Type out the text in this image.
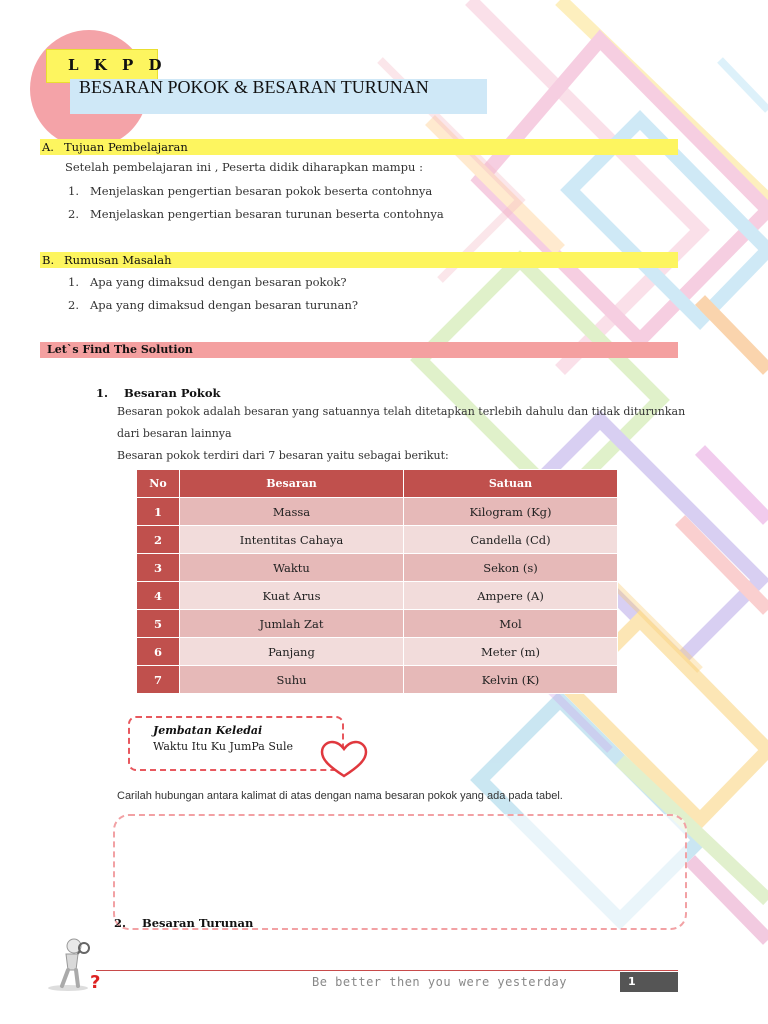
L K P D
BESARAN POKOK & BESARAN TURUNAN
A. Tujuan Pembelajaran
Setelah pembelajaran ini , Peserta didik diharapkan mampu :
1. Menjelaskan pengertian besaran pokok beserta contohnya
2. Menjelaskan pengertian besaran turunan beserta contohnya
B. Rumusan Masalah
1. Apa yang dimaksud dengan besaran pokok?
2. Apa yang dimaksud dengan besaran turunan?
Let`s Find The Solution
1.    Besaran Pokok
Besaran pokok adalah besaran yang satuannya telah ditetapkan terlebih dahulu dan tidak diturunkan
dari besaran lainnya
Besaran pokok terdiri dari 7 besaran yaitu sebagai berikut:
No	Besaran	Satuan
1	Massa	Kilogram (Kg)
2	Intentitas Cahaya	Candella (Cd)
3	Waktu	Sekon (s)
4	Kuat Arus	Ampere (A)
5	Jumlah Zat	Mol
6	Panjang	Meter (m)
7	Suhu	Kelvin (K)
Jembatan Keledai
Waktu Itu Ku JumPa Sule
Carilah hubungan antara kalimat di atas dengan nama besaran pokok yang ada pada tabel.
2.    Besaran Turunan
?	Be better then you were yesterday	1
